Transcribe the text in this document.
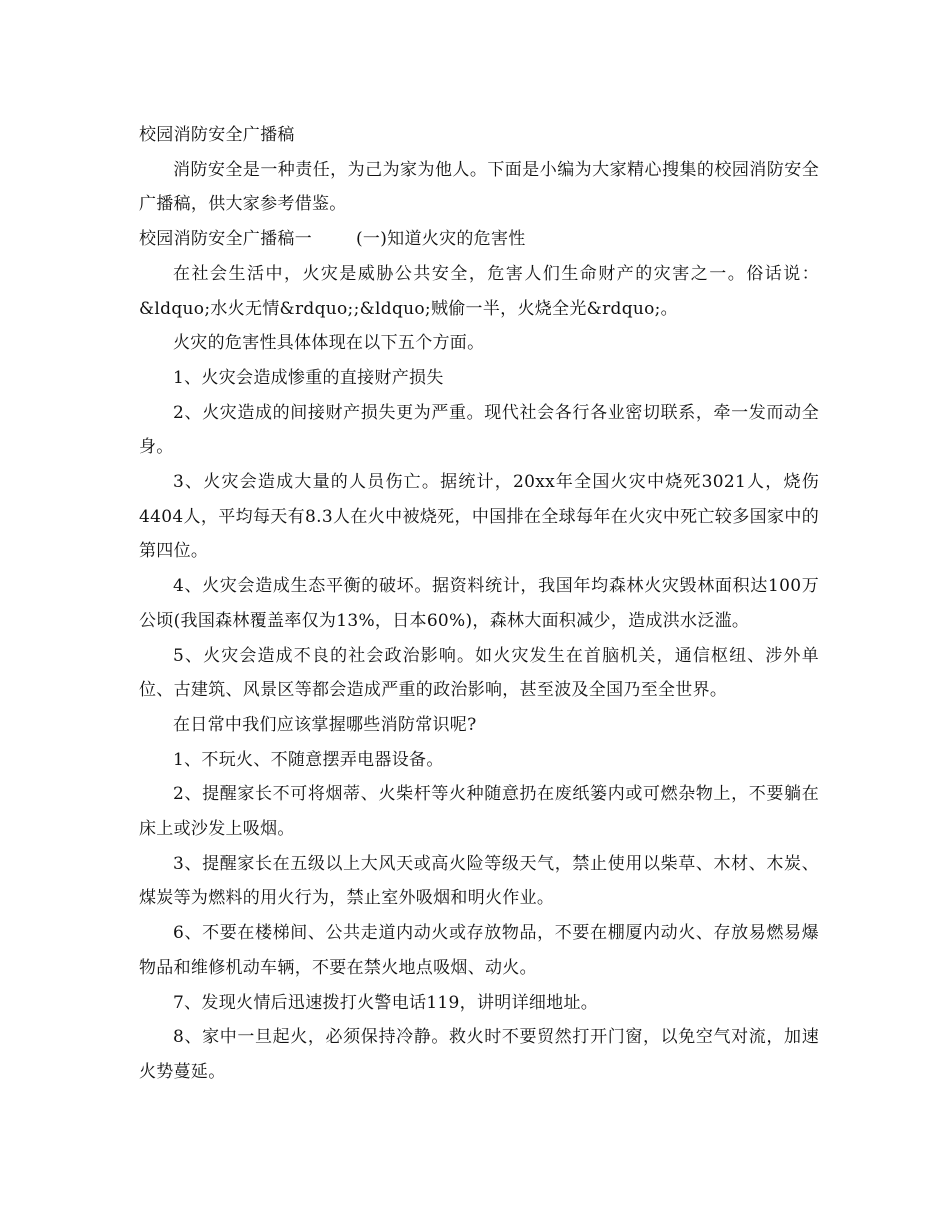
校园消防安全广播稿

消防安全是一种责任，为己为家为他人。下面是小编为大家精心搜集的校园消防安全广播稿，供大家参考借鉴。

校园消防安全广播稿一	(一)知道火灾的危害性

在社会生活中，火灾是威胁公共安全，危害人们生命财产的灾害之一。俗话说：&ldquo;水火无情&rdquo;;&ldquo;贼偷一半，火烧全光&rdquo;。

火灾的危害性具体体现在以下五个方面。

1、火灾会造成惨重的直接财产损失

2、火灾造成的间接财产损失更为严重。现代社会各行各业密切联系，牵一发而动全身。

3、火灾会造成大量的人员伤亡。据统计，20xx年全国火灾中烧死3021人，烧伤4404人，平均每天有8.3人在火中被烧死，中国排在全球每年在火灾中死亡较多国家中的第四位。

4、火灾会造成生态平衡的破坏。据资料统计，我国年均森林火灾毁林面积达100万公顷(我国森林覆盖率仅为13%，日本60%)，森林大面积减少，造成洪水泛滥。

5、火灾会造成不良的社会政治影响。如火灾发生在首脑机关，通信枢纽、涉外单位、古建筑、风景区等都会造成严重的政治影响，甚至波及全国乃至全世界。

在日常中我们应该掌握哪些消防常识呢?

1、不玩火、不随意摆弄电器设备。

2、提醒家长不可将烟蒂、火柴杆等火种随意扔在废纸篓内或可燃杂物上，不要躺在床上或沙发上吸烟。

3、提醒家长在五级以上大风天或高火险等级天气，禁止使用以柴草、木材、木炭、煤炭等为燃料的用火行为，禁止室外吸烟和明火作业。

6、不要在楼梯间、公共走道内动火或存放物品，不要在棚厦内动火、存放易燃易爆物品和维修机动车辆，不要在禁火地点吸烟、动火。

7、发现火情后迅速拨打火警电话119，讲明详细地址。

8、家中一旦起火，必须保持冷静。救火时不要贸然打开门窗，以免空气对流，加速火势蔓延。
